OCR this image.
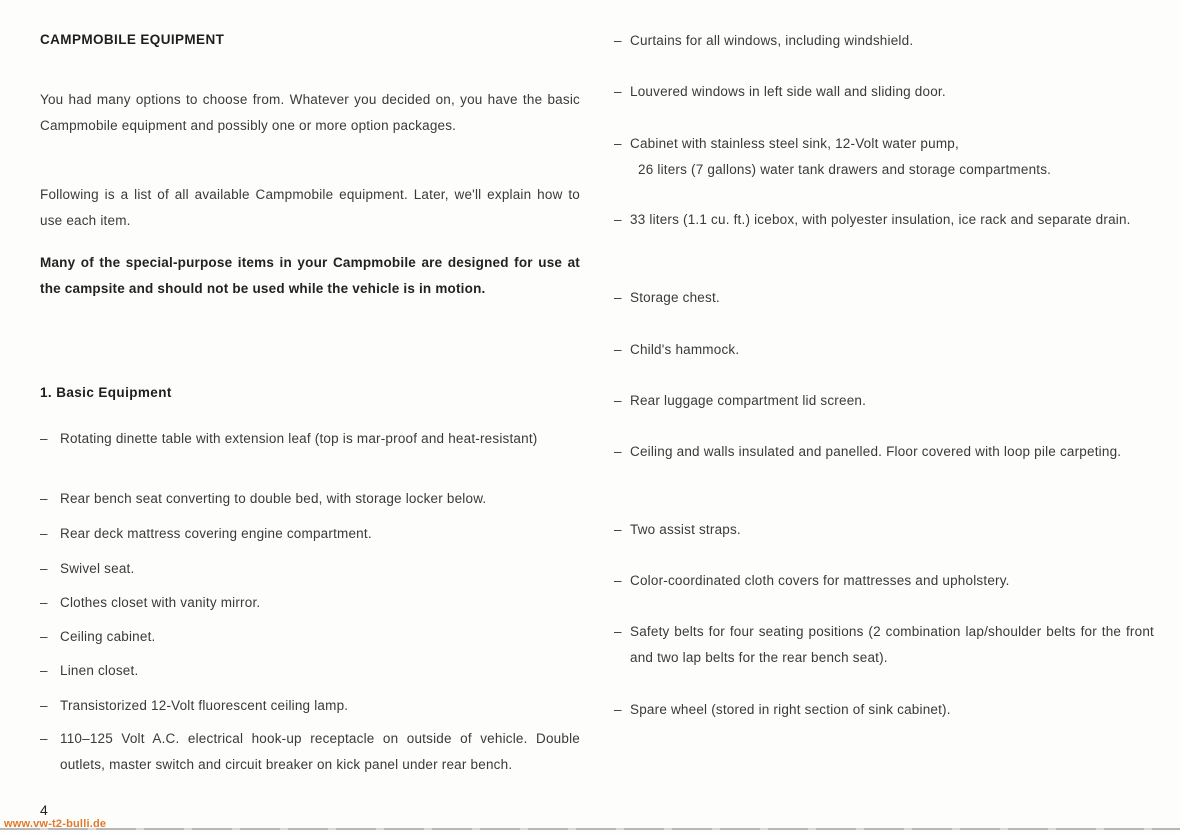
CAMPMOBILE EQUIPMENT
You had many options to choose from. Whatever you decided on, you have the basic Campmobile equipment and possibly one or more option packages.
Following is a list of all available Campmobile equipment. Later, we'll explain how to use each item.
Many of the special-purpose items in your Campmobile are designed for use at the campsite and should not be used while the vehicle is in motion.
1. Basic Equipment
– Rotating dinette table with extension leaf (top is mar-proof and heat-resistant)
– Rear bench seat converting to double bed, with storage locker below.
– Rear deck mattress covering engine compartment.
– Swivel seat.
– Clothes closet with vanity mirror.
– Ceiling cabinet.
– Linen closet.
– Transistorized 12-Volt fluorescent ceiling lamp.
– 110–125 Volt A.C. electrical hook-up receptacle on outside of vehicle. Double outlets, master switch and circuit breaker on kick panel under rear bench.
– Curtains for all windows, including windshield.
– Louvered windows in left side wall and sliding door.
– Cabinet with stainless steel sink, 12-Volt water pump,
26 liters (7 gallons) water tank drawers and storage compartments.
– 33 liters (1.1 cu. ft.) icebox, with polyester insulation, ice rack and separate drain.
– Storage chest.
– Child's hammock.
– Rear luggage compartment lid screen.
– Ceiling and walls insulated and panelled. Floor covered with loop pile carpeting.
– Two assist straps.
– Color-coordinated cloth covers for mattresses and upholstery.
– Safety belts for four seating positions (2 combination lap/shoulder belts for the front and two lap belts for the rear bench seat).
– Spare wheel (stored in right section of sink cabinet).
4
www.vw-t2-bulli.de
